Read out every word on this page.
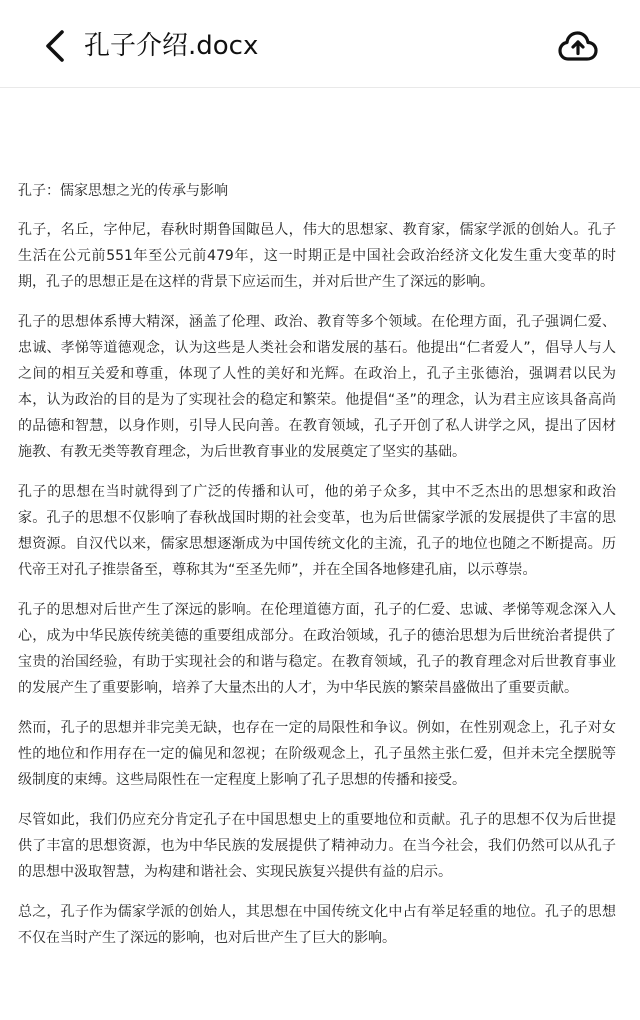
孔子介绍.docx

孔子：儒家思想之光的传承与影响

孔子，名丘，字仲尼，春秋时期鲁国陬邑人，伟大的思想家、教育家，儒家学派的创始人。孔子生活在公元前551年至公元前479年，这一时期正是中国社会政治经济文化发生重大变革的时期，孔子的思想正是在这样的背景下应运而生，并对后世产生了深远的影响。

孔子的思想体系博大精深，涵盖了伦理、政治、教育等多个领域。在伦理方面，孔子强调仁爱、忠诚、孝悌等道德观念，认为这些是人类社会和谐发展的基石。他提出“仁者爱人”，倡导人与人之间的相互关爱和尊重，体现了人性的美好和光辉。在政治上，孔子主张德治，强调君以民为本，认为政治的目的是为了实现社会的稳定和繁荣。他提倡“圣”的理念，认为君主应该具备高尚的品德和智慧，以身作则，引导人民向善。在教育领域，孔子开创了私人讲学之风，提出了因材施教、有教无类等教育理念，为后世教育事业的发展奠定了坚实的基础。

孔子的思想在当时就得到了广泛的传播和认可，他的弟子众多，其中不乏杰出的思想家和政治家。孔子的思想不仅影响了春秋战国时期的社会变革，也为后世儒家学派的发展提供了丰富的思想资源。自汉代以来，儒家思想逐渐成为中国传统文化的主流，孔子的地位也随之不断提高。历代帝王对孔子推崇备至，尊称其为“至圣先师”，并在全国各地修建孔庙，以示尊崇。

孔子的思想对后世产生了深远的影响。在伦理道德方面，孔子的仁爱、忠诚、孝悌等观念深入人心，成为中华民族传统美德的重要组成部分。在政治领域，孔子的德治思想为后世统治者提供了宝贵的治国经验，有助于实现社会的和谐与稳定。在教育领域，孔子的教育理念对后世教育事业的发展产生了重要影响，培养了大量杰出的人才，为中华民族的繁荣昌盛做出了重要贡献。

然而，孔子的思想并非完美无缺，也存在一定的局限性和争议。例如，在性别观念上，孔子对女性的地位和作用存在一定的偏见和忽视；在阶级观念上，孔子虽然主张仁爱，但并未完全摆脱等级制度的束缚。这些局限性在一定程度上影响了孔子思想的传播和接受。

尽管如此，我们仍应充分肯定孔子在中国思想史上的重要地位和贡献。孔子的思想不仅为后世提供了丰富的思想资源，也为中华民族的发展提供了精神动力。在当今社会，我们仍然可以从孔子的思想中汲取智慧，为构建和谐社会、实现民族复兴提供有益的启示。

总之，孔子作为儒家学派的创始人，其思想在中国传统文化中占有举足轻重的地位。孔子的思想不仅在当时产生了深远的影响，也对后世产生了巨大的影响。
